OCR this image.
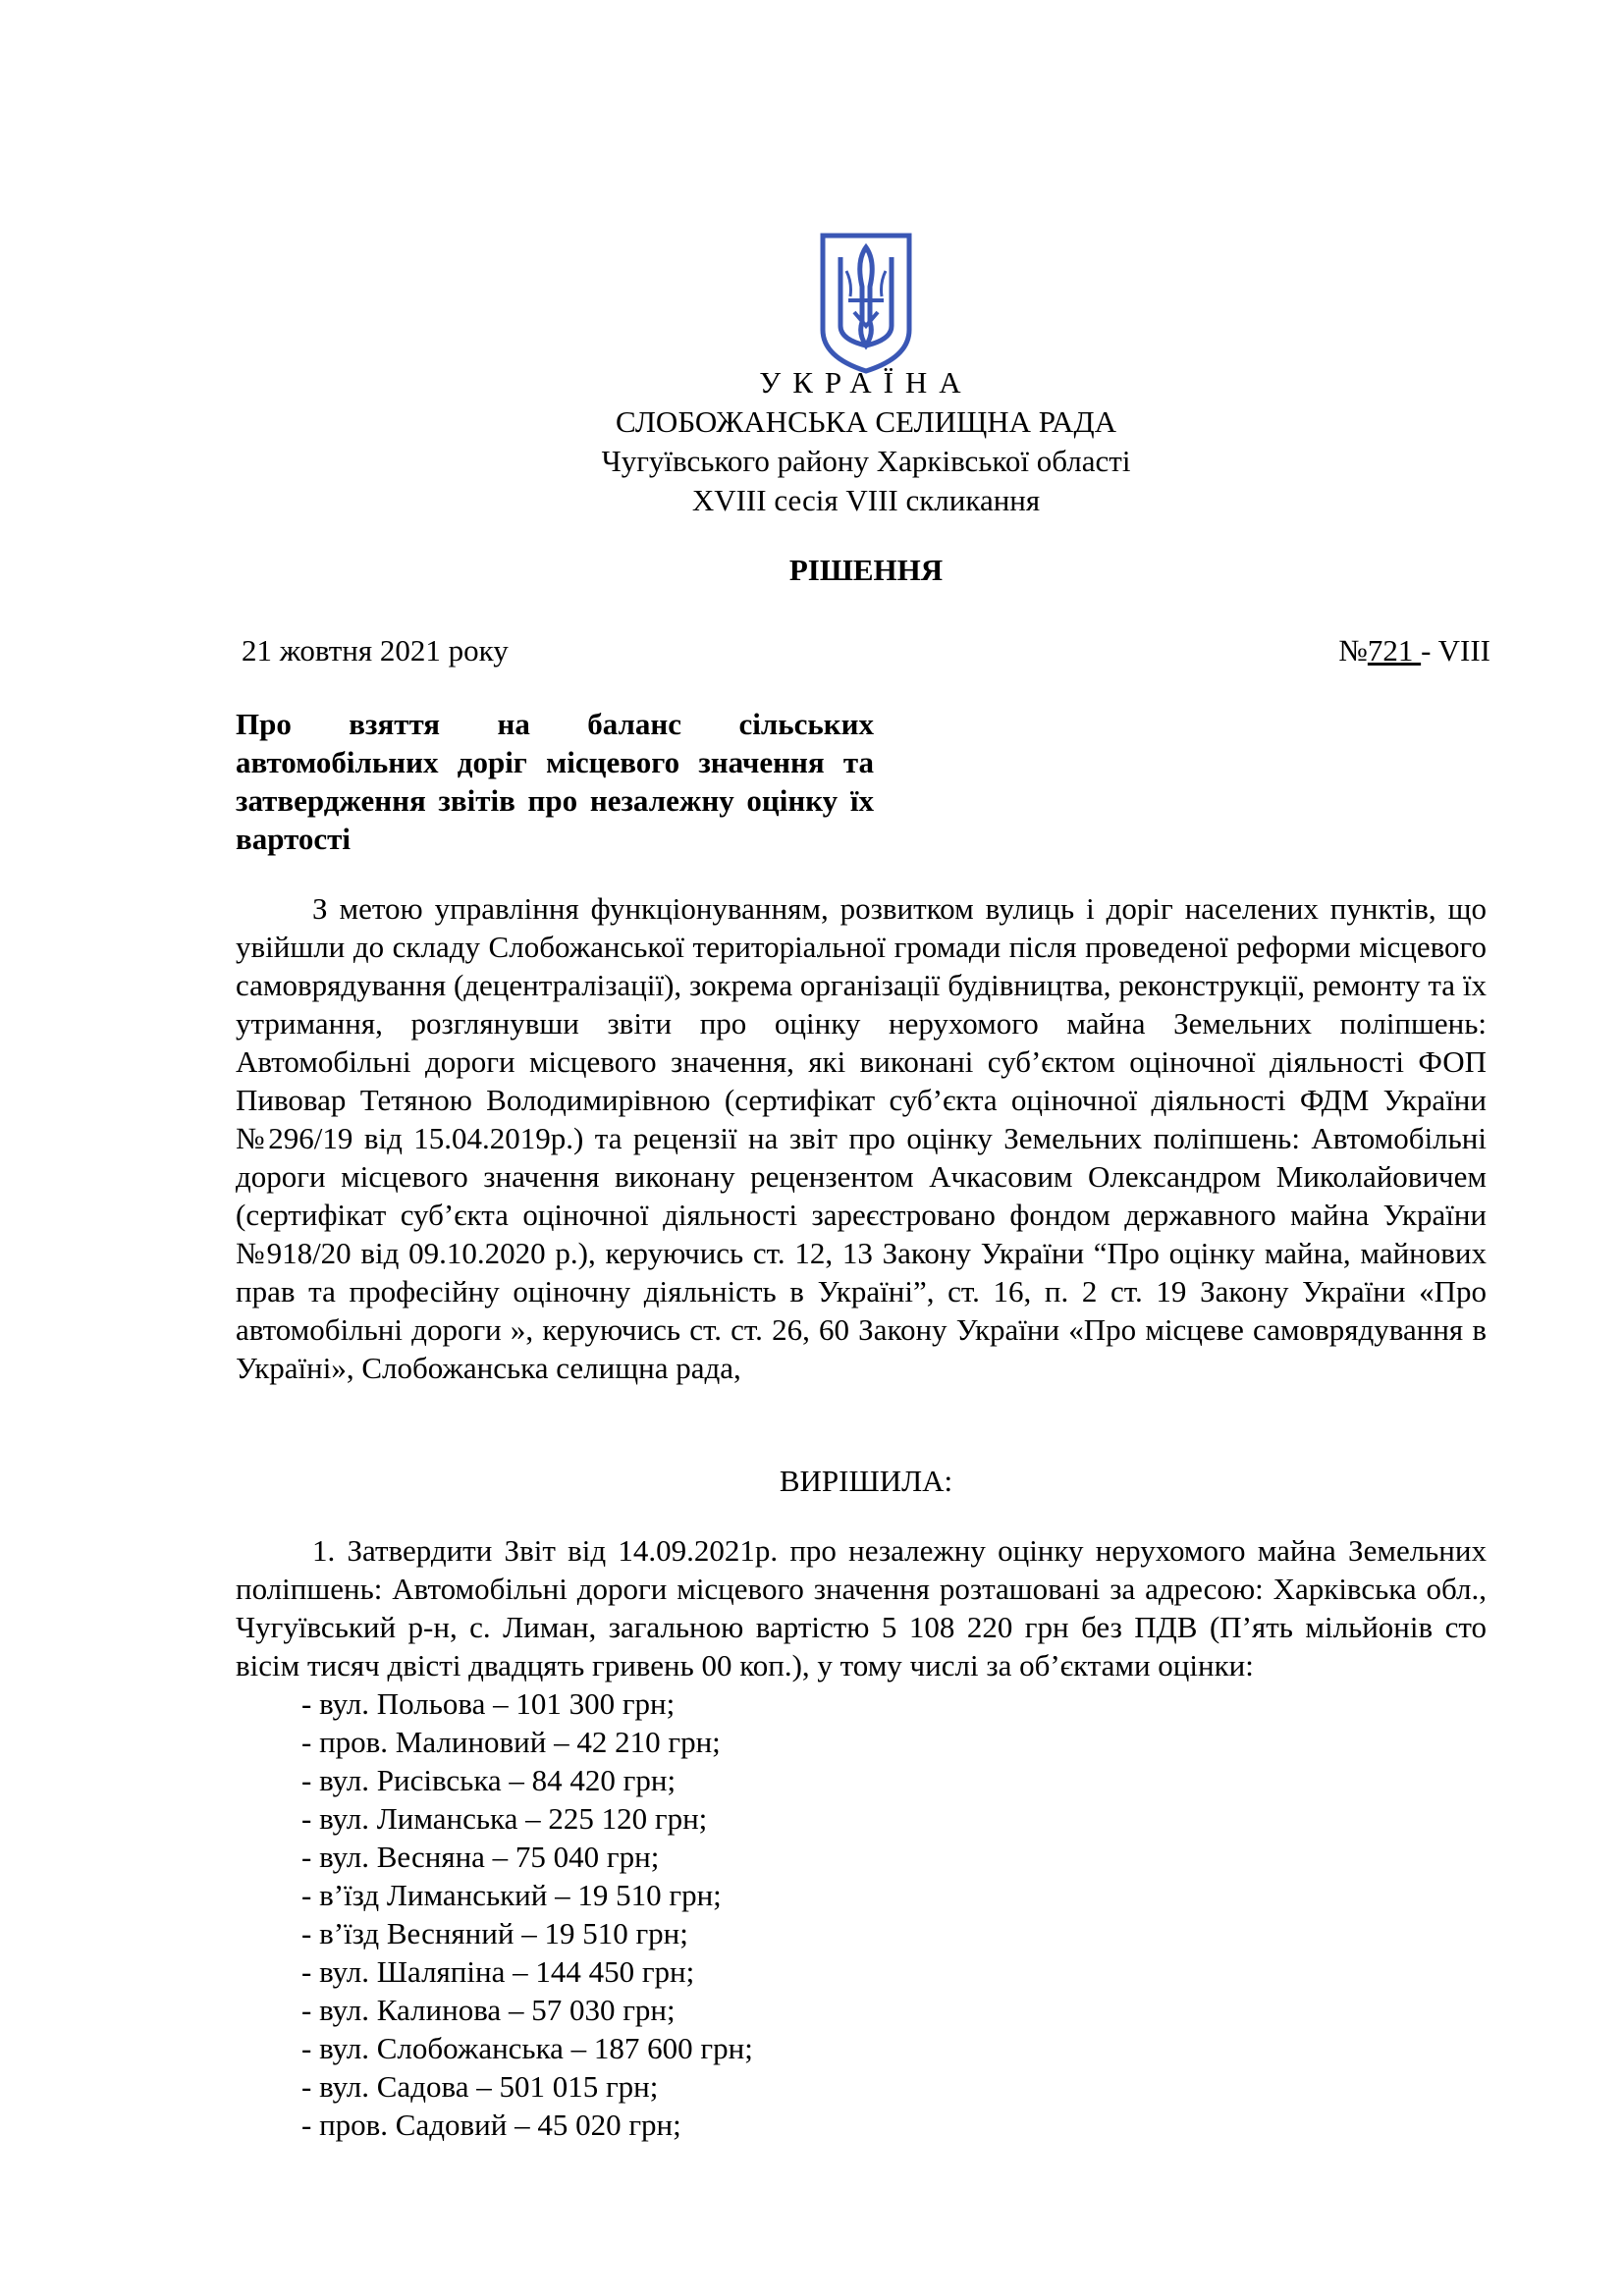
УКРАЇНА
СЛОБОЖАНСЬКА СЕЛИЩНА РАДА
Чугуївського району Харківської області
XVIII сесія VIII скликання
РІШЕННЯ
21 жовтня 2021 року	№721 - VIII
Про взяття на баланс сільських автомобільних доріг місцевого значення та затвердження звітів про незалежну оцінку їх вартості

З метою управління функціонуванням, розвитком вулиць і доріг населених пунктів, що увійшли до складу Слобожанської територіальної громади після проведеної реформи місцевого самоврядування (децентралізації), зокрема організації будівництва, реконструкції, ремонту та їх утримання, розглянувши звіти про оцінку нерухомого майна Земельних поліпшень: Автомобільні дороги місцевого значення, які виконані суб’єктом оціночної діяльності ФОП Пивовар Тетяною Володимирівною (сертифікат суб’єкта оціночної діяльності ФДМ України №296/19 від 15.04.2019р.) та рецензії на звіт про оцінку Земельних поліпшень: Автомобільні дороги місцевого значення виконану рецензентом Ачкасовим Олександром Миколайовичем (сертифікат суб’єкта оціночної діяльності зареєстровано фондом державного майна України №918/20 від 09.10.2020 р.), керуючись ст. 12, 13 Закону України “Про оцінку майна, майнових прав та професійну оціночну діяльність в Україні”, ст. 16, п. 2 ст. 19 Закону України «Про автомобільні дороги », керуючись ст. ст. 26, 60 Закону України «Про місцеве самоврядування в Україні», Слобожанська селищна рада,

ВИРІШИЛА:

1. Затвердити Звіт від 14.09.2021р. про незалежну оцінку нерухомого майна Земельних поліпшень: Автомобільні дороги місцевого значення розташовані за адресою: Харківська обл., Чугуївський р-н, с. Лиман, загальною вартістю 5 108 220 грн без ПДВ (П’ять мільйонів сто вісім тисяч двісті двадцять гривень 00 коп.), у тому числі за об’єктами оцінки:

- вул. Польова – 101 300 грн;
- пров. Малиновий – 42 210 грн;
- вул. Рисівська – 84 420 грн;
- вул. Лиманська – 225 120 грн;
- вул. Весняна – 75 040 грн;
- в’їзд Лиманський – 19 510 грн;
- в’їзд Весняний – 19 510 грн;
- вул. Шаляпіна – 144 450 грн;
- вул. Калинова – 57 030 грн;
- вул. Слобожанська – 187 600 грн;
- вул. Садова – 501 015 грн;
- пров. Садовий – 45 020 грн;
